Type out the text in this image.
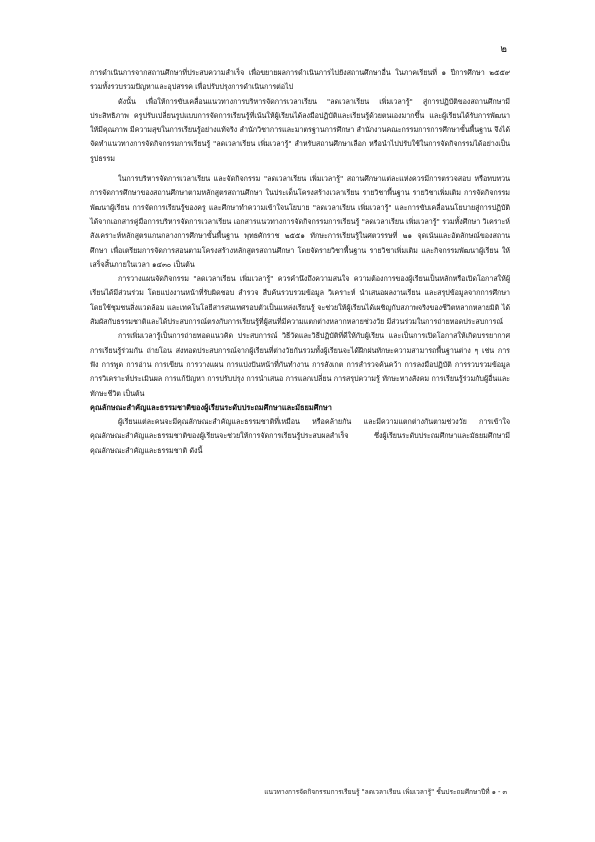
๒

การดำเนินการจากสถานศึกษาที่ประสบความสำเร็จ เพื่อขยายผลการดำเนินการไปยังสถานศึกษาอื่น ในภาคเรียนที่ ๑ ปีการศึกษา ๒๕๕๙ รวมทั้งรวบรวมปัญหาและอุปสรรค เพื่อปรับปรุงการดำเนินการต่อไป

ดังนั้น เพื่อให้การขับเคลื่อนแนวทางการบริหารจัดการเวลาเรียน "ลดเวลาเรียน เพิ่มเวลารู้" สู่การปฏิบัติของสถานศึกษามีประสิทธิภาพ ครูปรับเปลี่ยนรูปแบบการจัดการเรียนรู้ที่เน้นให้ผู้เรียนได้ลงมือปฏิบัติและเรียนรู้ด้วยตนเองมากขึ้น และผู้เรียนได้รับการพัฒนาให้มีคุณภาพ มีความสุขในการเรียนรู้อย่างแท้จริง สำนักวิชาการและมาตรฐานการศึกษา สำนักงานคณะกรรมการการศึกษาขั้นพื้นฐาน จึงได้จัดทำแนวทางการจัดกิจกรรมการเรียนรู้ "ลดเวลาเรียน เพิ่มเวลารู้" สำหรับสถานศึกษาเลือก หรือนำไปปรับใช้ในการจัดกิจกรรมได้อย่างเป็นรูปธรรม

ในการบริหารจัดการเวลาเรียน และจัดกิจกรรม "ลดเวลาเรียน เพิ่มเวลารู้" สถานศึกษาแต่ละแห่งควรมีการตรวจสอบ หรือทบทวนการจัดการศึกษาของสถานศึกษาตามหลักสูตรสถานศึกษา ในประเด็นโครงสร้างเวลาเรียน รายวิชาพื้นฐาน รายวิชาเพิ่มเติม การจัดกิจกรรมพัฒนาผู้เรียน การจัดการเรียนรู้ของครู และศึกษาทำความเข้าใจนโยบาย "ลดเวลาเรียน เพิ่มเวลารู้" และการขับเคลื่อนนโยบายสู่การปฏิบัติได้จากเอกสารคู่มือการบริหารจัดการเวลาเรียน เอกสารแนวทางการจัดกิจกรรมการเรียนรู้ "ลดเวลาเรียน เพิ่มเวลารู้" รวมทั้งศึกษา วิเคราะห์ สังเคราะห์หลักสูตรแกนกลางการศึกษาขั้นพื้นฐาน พุทธศักราช ๒๕๕๑ ทักษะการเรียนรู้ในศตวรรษที่ ๒๑ จุดเน้นและอัตลักษณ์ของสถานศึกษา เพื่อเตรียมการจัดการสอนตามโครงสร้างหลักสูตรสถานศึกษา โดยจัดรายวิชาพื้นฐาน รายวิชาเพิ่มเติม และกิจกรรมพัฒนาผู้เรียน ให้เสร็จสิ้นภายในเวลา ๑๔๓๐ เป็นต้น

การวางแผนจัดกิจกรรม "ลดเวลาเรียน เพิ่มเวลารู้" ควรคำนึงถึงความสนใจ ความต้องการของผู้เรียนเป็นหลักหรือเปิดโอกาสให้ผู้เรียนได้มีส่วนร่วม โดยแบ่งงานหน้าที่รับผิดชอบ สำรวจ สืบค้นรวบรวมข้อมูล วิเคราะห์ นำเสนอผลงานเรียน และสรุปข้อมูลจากการศึกษาโดยใช้ชุมชนสิ่งแวดล้อม และเทคโนโลยีสารสนเทศรอบตัวเป็นแหล่งเรียนรู้ จะช่วยให้ผู้เรียนได้เผชิญกับสภาพจริงของชีวิตหลากหลายมิติ ได้สัมผัสกับธรรมชาติและได้ประสบการณ์ตรงกับการเรียนรู้ที่ผู้สนที่มีความแตกต่างหลากหลายช่วงวัย มีส่วนร่วมในการถ่ายทอดประสบการณ์

การเพิ่มเวลารู้เป็นการถ่ายทอดแนวคิด ประสบการณ์ วิธีวัดและวิธีปฏิบัติที่ดีให้กับผู้เรียน และเป็นการเปิดโอกาสให้เกิดบรรยากาศการเรียนรู้ร่วมกัน ถ่ายโอน ส่งทอดประสบการณ์จากผู้เรียนที่ต่างวัยกันรวมทั้งผู้เรียนจะได้ฝึกฝนทักษะความสามารถพื้นฐานต่าง ๆ เช่น การฟัง การพูด การอ่าน การเขียน การวางแผน การแบ่งปันหน้าที่กันทำงาน การสังเกต การสำรวจค้นคว้า การลงมือปฏิบัติ การรวบรวมข้อมูล การวิเคราะห์ประเมินผล การแก้ปัญหา การปรับปรุง การนำเสนอ การแลกเปลี่ยน การสรุปความรู้ ทักษะทางสังคม การเรียนรู้ร่วมกับผู้อื่นและทักษะชีวิต เป็นต้น

คุณลักษณะสำคัญและธรรมชาติของผู้เรียนระดับประถมศึกษาและมัธยมศึกษา

ผู้เรียนแต่ละคนจะมีคุณลักษณะสำคัญและธรรมชาติที่เหมือน หรือคล้ายกัน และมีความแตกต่างกันตามช่วงวัย การเข้าใจคุณลักษณะสำคัญและธรรมชาติของผู้เรียนจะช่วยให้การจัดการเรียนรู้ประสบผลสำเร็จ ซึ่งผู้เรียนระดับประถมศึกษาและมัธยมศึกษามีคุณลักษณะสำคัญและธรรมชาติ ดังนี้

แนวทางการจัดกิจกรรมการเรียนรู้ "ลดเวลาเรียน เพิ่มเวลารู้" ชั้นประถมศึกษาปีที่ ๑ - ๓
